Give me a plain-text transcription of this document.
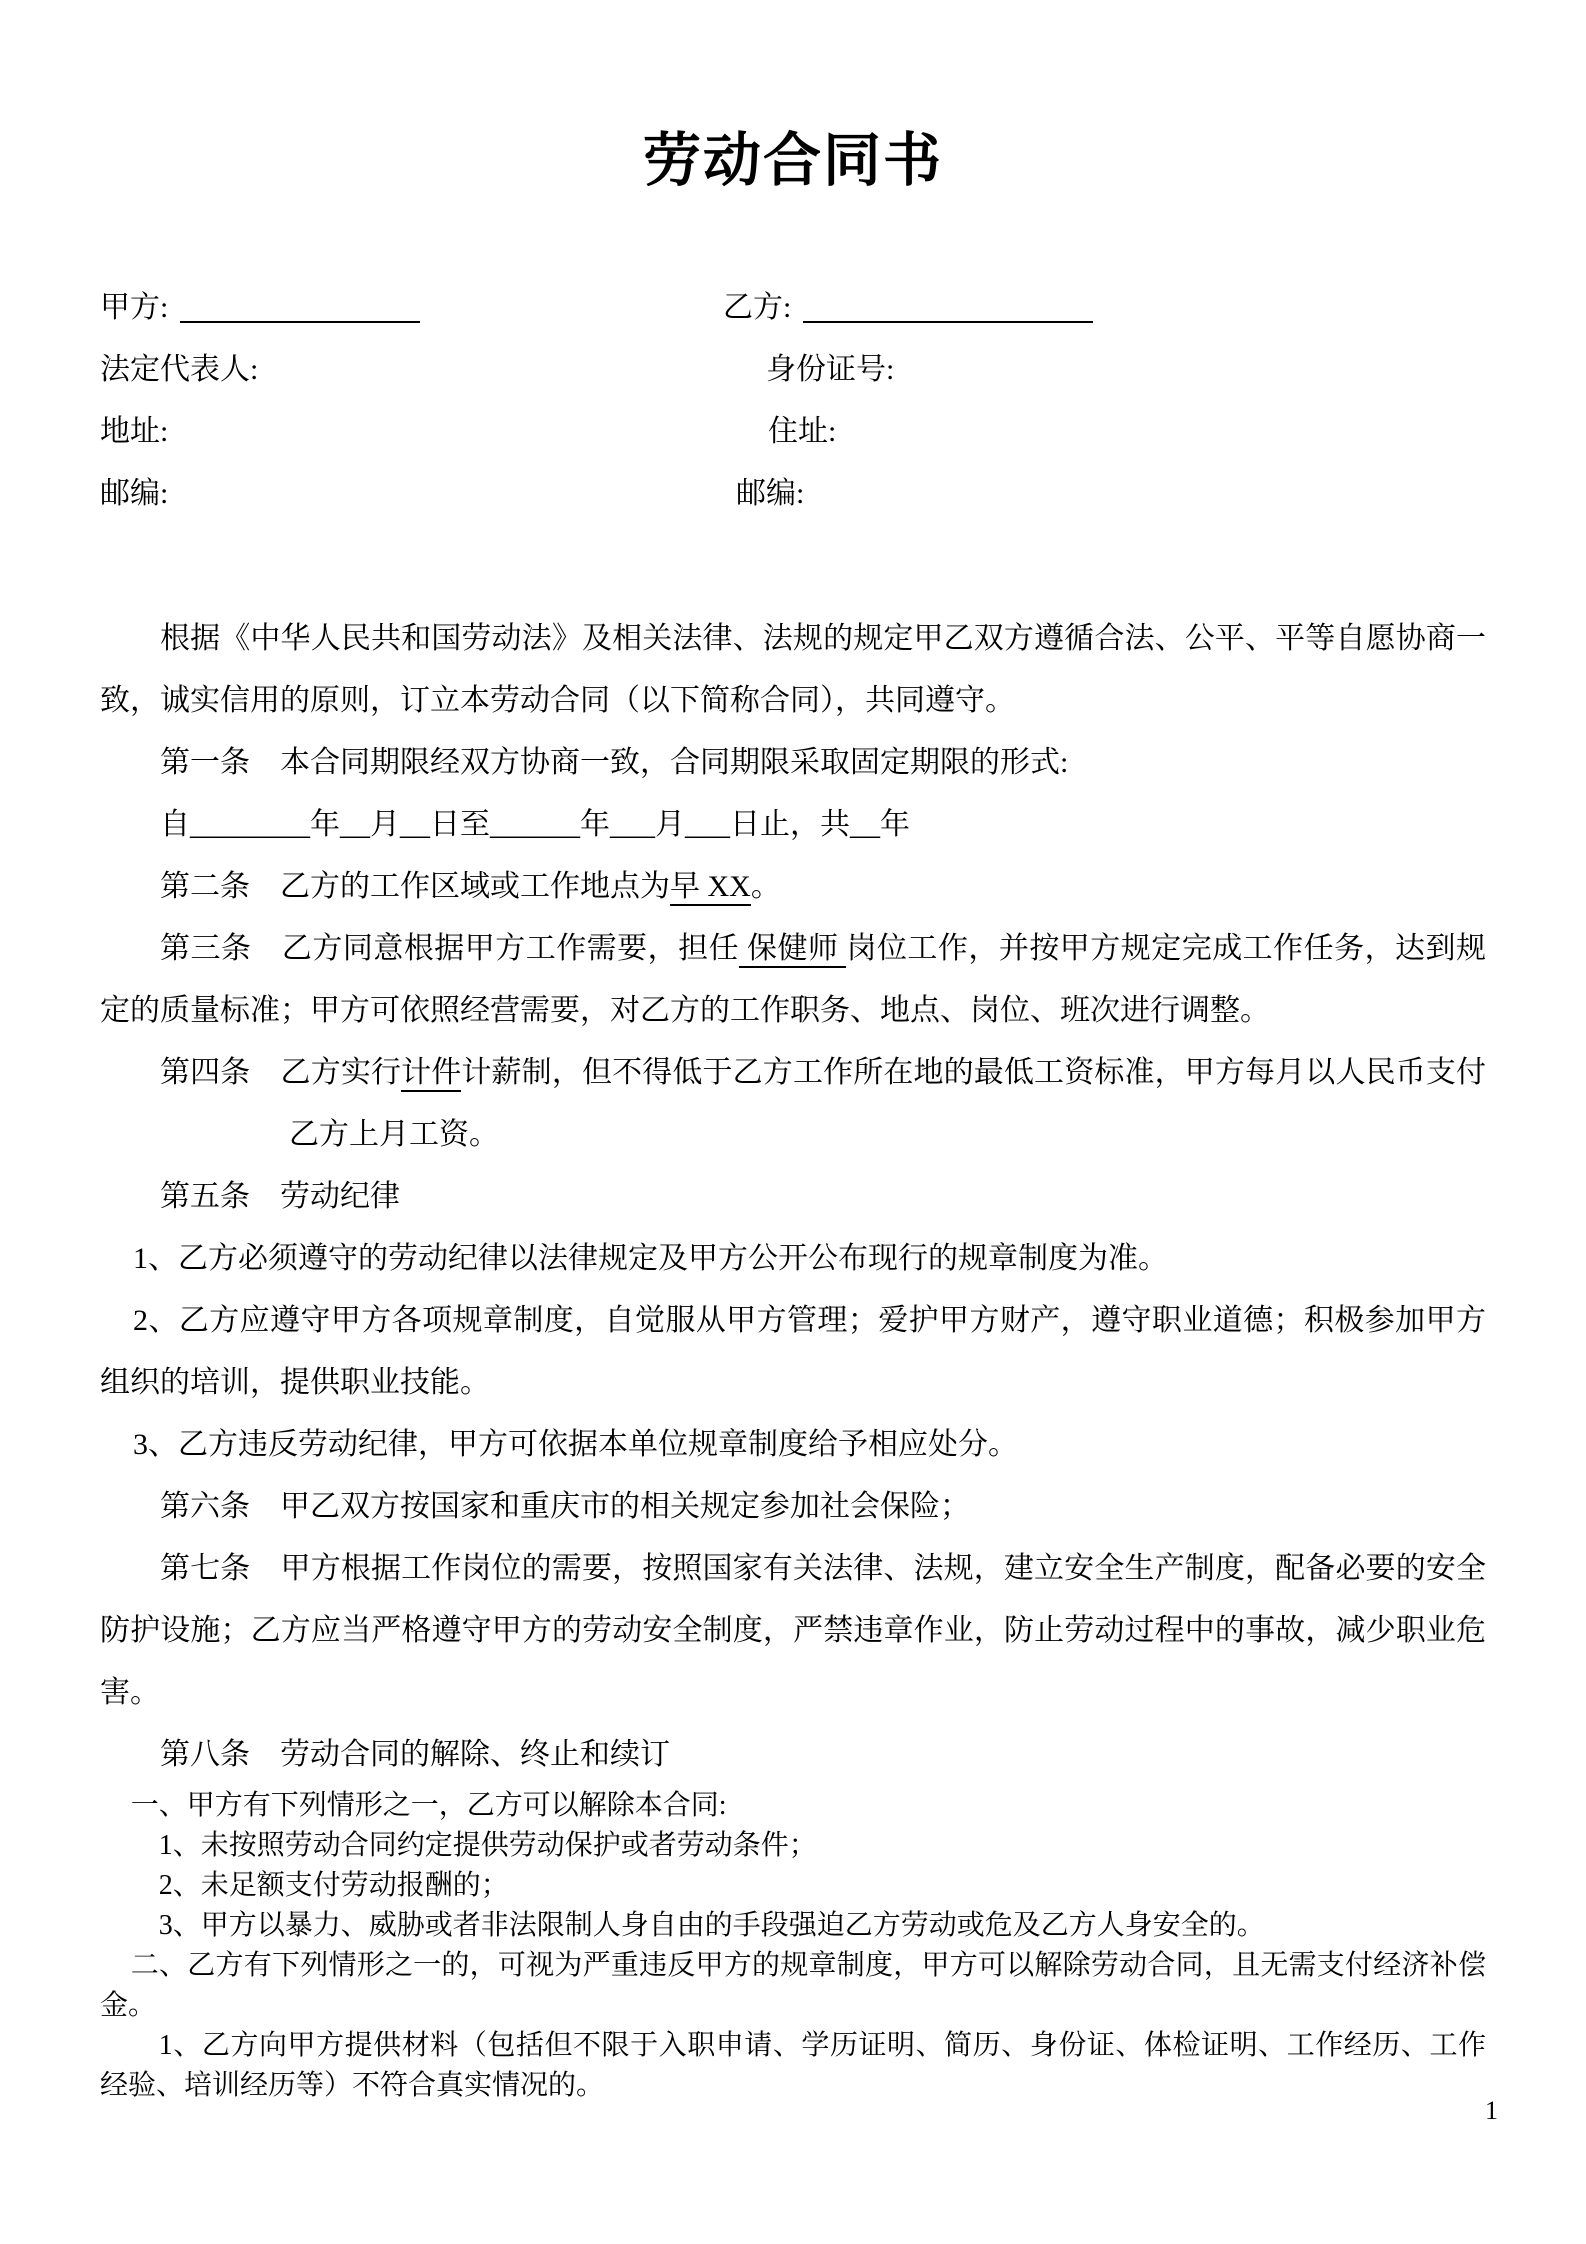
劳动合同书
甲方:	乙方:
法定代表人:	身份证号:
地址:	住址:
邮编:	邮编:

根据《中华人民共和国劳动法》及相关法律、法规的规定甲乙双方遵循合法、公平、平等自愿协商一致，诚实信用的原则，订立本劳动合同（以下简称合同），共同遵守。

第一条　本合同期限经双方协商一致，合同期限采取固定期限的形式:

自________年__月__日至______年___月___日止，共__年

第二条　乙方的工作区域或工作地点为早 XX。

第三条　乙方同意根据甲方工作需要，担任 保健师 岗位工作，并按甲方规定完成工作任务，达到规定的质量标准；甲方可依照经营需要，对乙方的工作职务、地点、岗位、班次进行调整。

第四条　乙方实行计件计薪制，但不得低于乙方工作所在地的最低工资标准，甲方每月以人民币支付乙方上月工资。

第五条　劳动纪律

1、乙方必须遵守的劳动纪律以法律规定及甲方公开公布现行的规章制度为准。

2、乙方应遵守甲方各项规章制度，自觉服从甲方管理；爱护甲方财产，遵守职业道德；积极参加甲方组织的培训，提供职业技能。

3、乙方违反劳动纪律，甲方可依据本单位规章制度给予相应处分。

第六条　甲乙双方按国家和重庆市的相关规定参加社会保险；

第七条　甲方根据工作岗位的需要，按照国家有关法律、法规，建立安全生产制度，配备必要的安全防护设施；乙方应当严格遵守甲方的劳动安全制度，严禁违章作业，防止劳动过程中的事故，减少职业危害。

第八条　劳动合同的解除、终止和续订

一、甲方有下列情形之一，乙方可以解除本合同:

1、未按照劳动合同约定提供劳动保护或者劳动条件；

2、未足额支付劳动报酬的；

3、甲方以暴力、威胁或者非法限制人身自由的手段强迫乙方劳动或危及乙方人身安全的。

二、乙方有下列情形之一的，可视为严重违反甲方的规章制度，甲方可以解除劳动合同，且无需支付经济补偿金。

1、乙方向甲方提供材料（包括但不限于入职申请、学历证明、简历、身份证、体检证明、工作经历、工作经验、培训经历等）不符合真实情况的。

1
